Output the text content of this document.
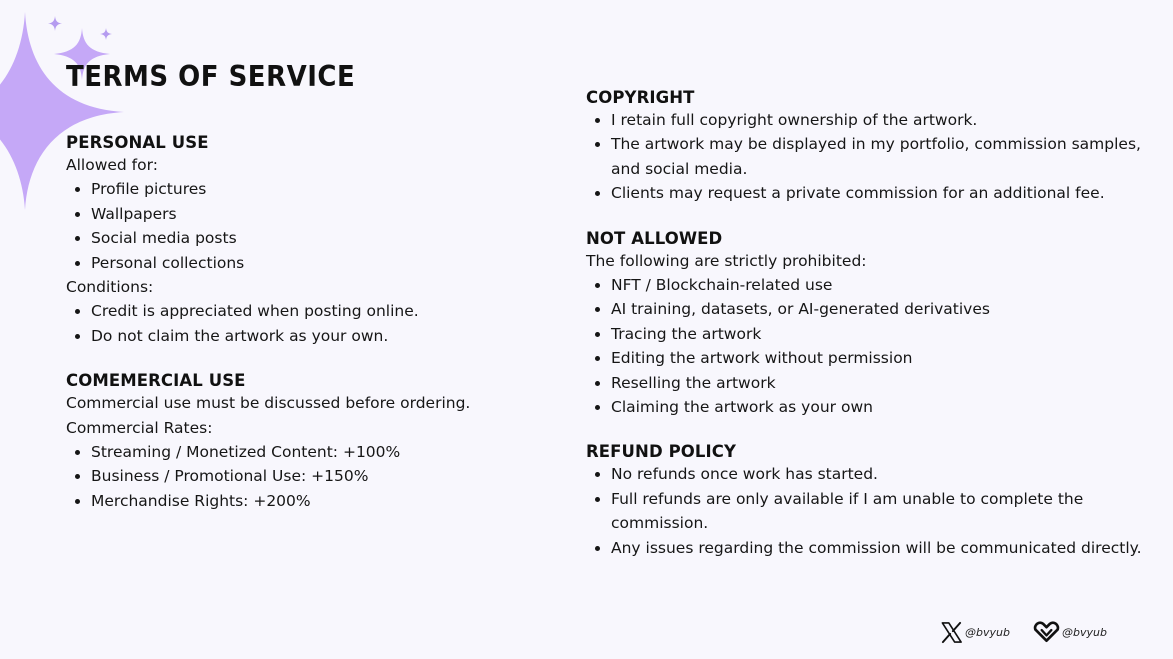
TERMS OF SERVICE
PERSONAL USE

Allowed for:

• Profile pictures
• Wallpapers
• Social media posts
• Personal collections

Conditions:

• Credit is appreciated when posting online.
• Do not claim the artwork as your own.
COMEMERCIAL USE

Commercial use must be discussed before ordering.

Commercial Rates:

• Streaming / Monetized Content: +100%
• Business / Promotional Use: +150%
• Merchandise Rights: +200%
COPYRIGHT
• I retain full copyright ownership of the artwork.
• The artwork may be displayed in my portfolio, commission samples, and social media.
• Clients may request a private commission for an additional fee.
NOT ALLOWED

The following are strictly prohibited:

• NFT / Blockchain-related use
• AI training, datasets, or AI-generated derivatives
• Tracing the artwork
• Editing the artwork without permission
• Reselling the artwork
• Claiming the artwork as your own
REFUND POLICY
• No refunds once work has started.
• Full refunds are only available if I am unable to complete the commission.
• Any issues regarding the commission will be communicated directly.
@bvyub	@bvyub
